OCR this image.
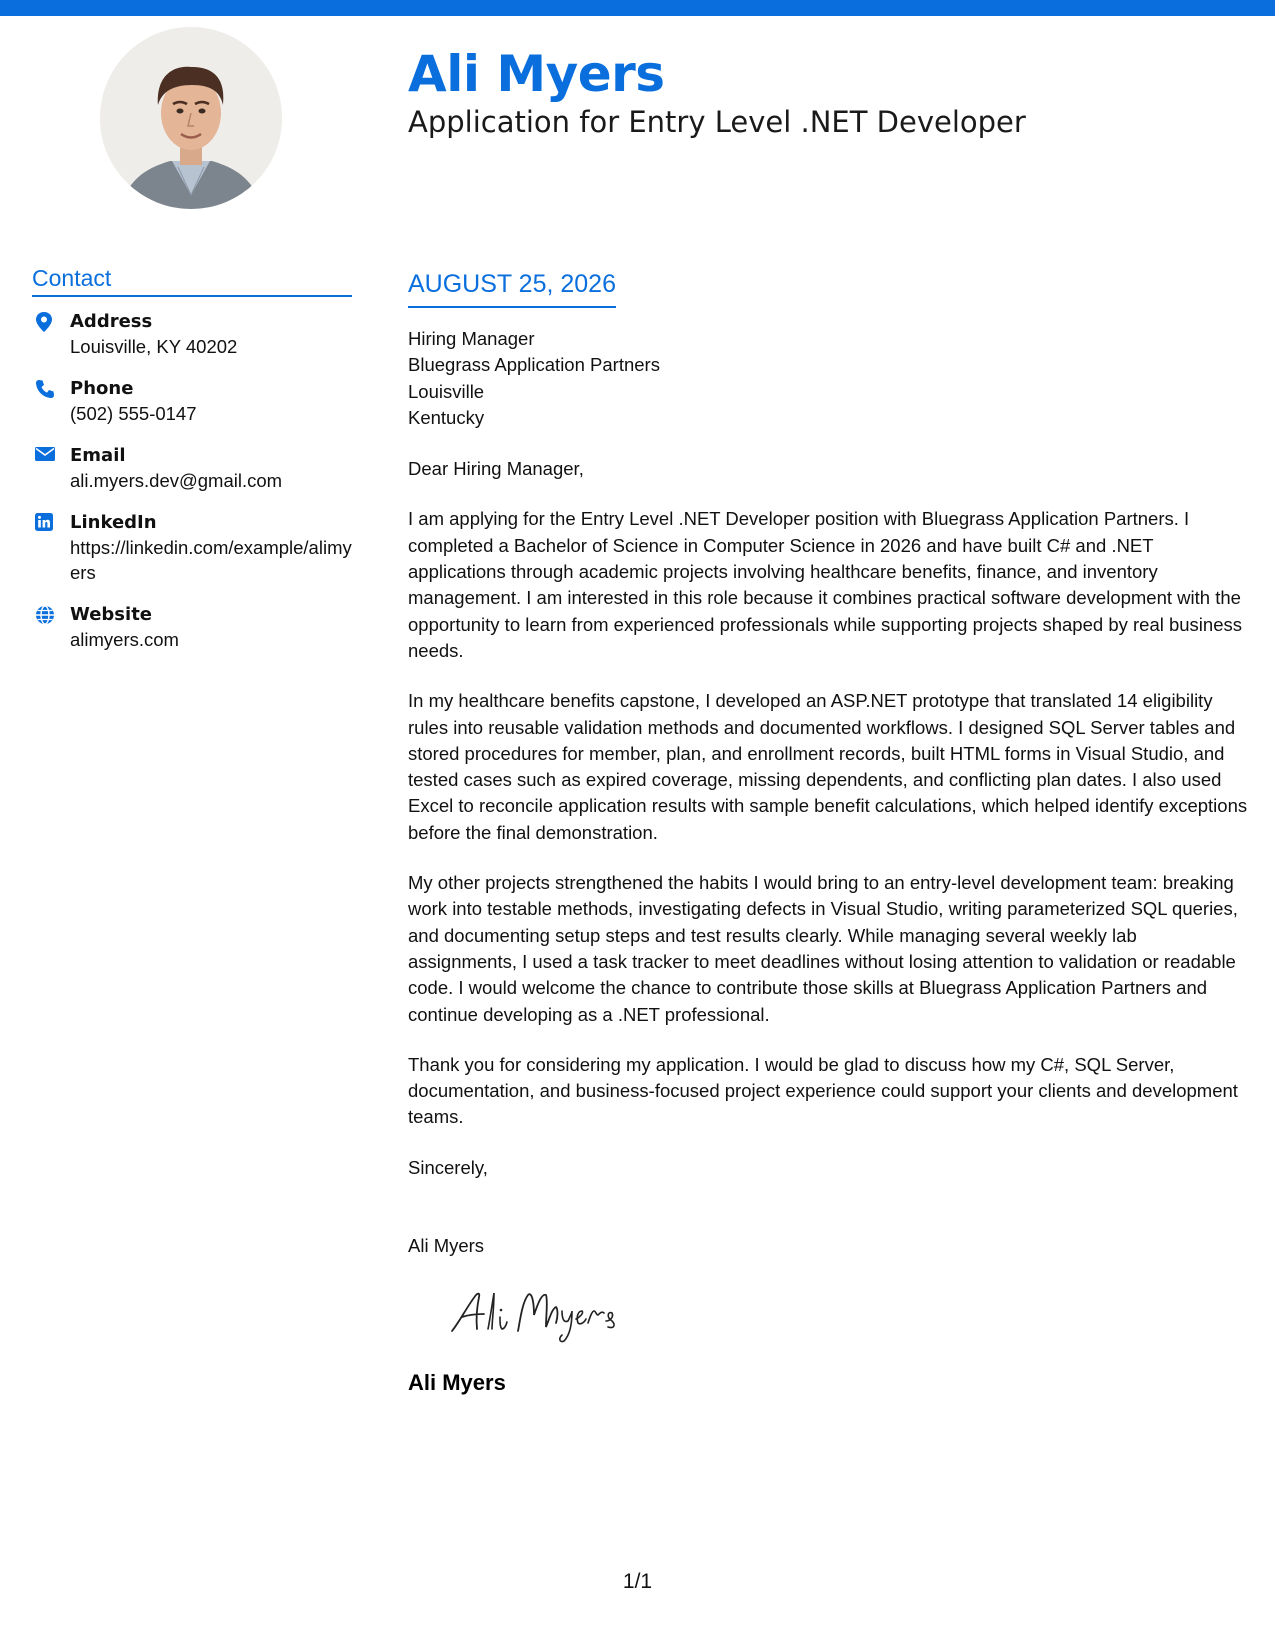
Ali Myers
Application for Entry Level .NET Developer
Contact
Address
Louisville, KY 40202
Phone
(502) 555-0147
Email
ali.myers.dev@gmail.com
LinkedIn
https://linkedin.com/example/alimyers
Website
alimyers.com
AUGUST 25, 2026
Hiring Manager
Bluegrass Application Partners
Louisville
Kentucky
Dear Hiring Manager,

I am applying for the Entry Level .NET Developer position with Bluegrass Application Partners. I completed a Bachelor of Science in Computer Science in 2026 and have built C# and .NET applications through academic projects involving healthcare benefits, finance, and inventory management. I am interested in this role because it combines practical software development with the opportunity to learn from experienced professionals while supporting projects shaped by real business needs.

In my healthcare benefits capstone, I developed an ASP.NET prototype that translated 14 eligibility rules into reusable validation methods and documented workflows. I designed SQL Server tables and stored procedures for member, plan, and enrollment records, built HTML forms in Visual Studio, and tested cases such as expired coverage, missing dependents, and conflicting plan dates. I also used Excel to reconcile application results with sample benefit calculations, which helped identify exceptions before the final demonstration.

My other projects strengthened the habits I would bring to an entry-level development team: breaking work into testable methods, investigating defects in Visual Studio, writing parameterized SQL queries, and documenting setup steps and test results clearly. While managing several weekly lab assignments, I used a task tracker to meet deadlines without losing attention to validation or readable code. I would welcome the chance to contribute those skills at Bluegrass Application Partners and continue developing as a .NET professional.

Thank you for considering my application. I would be glad to discuss how my C#, SQL Server, documentation, and business-focused project experience could support your clients and development teams.

Sincerely,
Ali Myers
Ali Myers
1/1
